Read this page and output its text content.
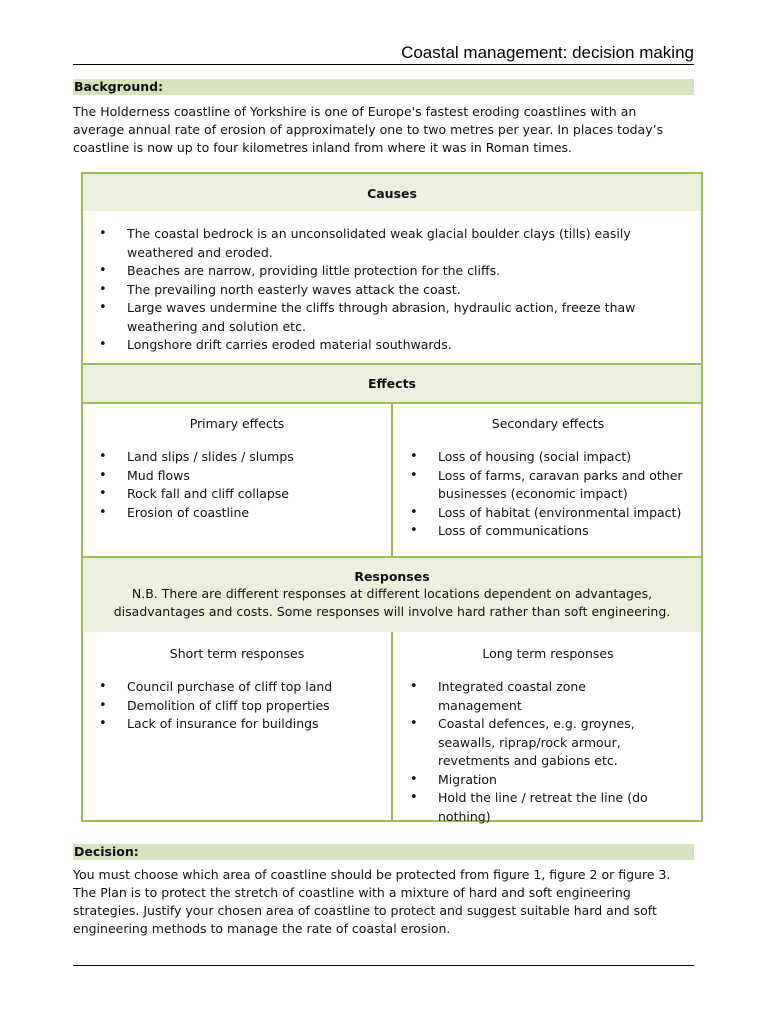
Coastal management: decision making
Background:
The Holderness coastline of Yorkshire is one of Europe's fastest eroding coastlines with an
average annual rate of erosion of approximately one to two metres per year. In places today’s
coastline is now up to four kilometres inland from where it was in Roman times.
Causes
• The coastal bedrock is an unconsolidated weak glacial boulder clays (tills) easily weathered and eroded.
• Beaches are narrow, providing little protection for the cliffs.
• The prevailing north easterly waves attack the coast.
• Large waves undermine the cliffs through abrasion, hydraulic action, freeze thaw weathering and solution etc.
• Longshore drift carries eroded material southwards.
Effects
Primary effects
• Land slips / slides / slumps
• Mud flows
• Rock fall and cliff collapse
• Erosion of coastline
Secondary effects
• Loss of housing (social impact)
• Loss of farms, caravan parks and other businesses (economic impact)
• Loss of habitat (environmental impact)
• Loss of communications
Responses
N.B. There are different responses at different locations dependent on advantages,
disadvantages and costs. Some responses will involve hard rather than soft engineering.
Short term responses
• Council purchase of cliff top land
• Demolition of cliff top properties
• Lack of insurance for buildings
Long term responses
• Integrated coastal zone management
• Coastal defences, e.g. groynes, seawalls, riprap/rock armour, revetments and gabions etc.
• Migration
• Hold the line / retreat the line (do nothing)
Decision:
You must choose which area of coastline should be protected from figure 1, figure 2 or figure 3.
The Plan is to protect the stretch of coastline with a mixture of hard and soft engineering
strategies. Justify your chosen area of coastline to protect and suggest suitable hard and soft
engineering methods to manage the rate of coastal erosion.
